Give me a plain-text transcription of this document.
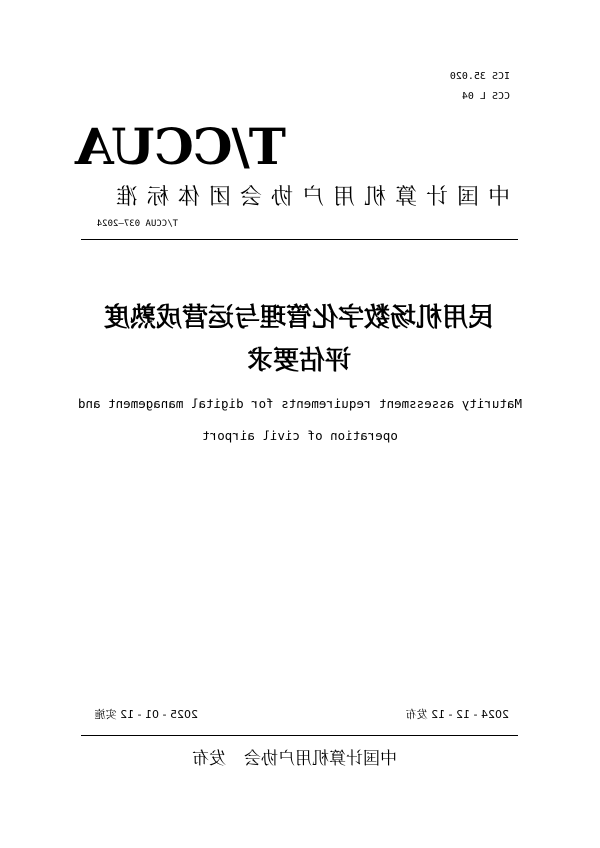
ICS 35.020
CCS L 04
T/CCUA
中国计算机用户协会团体标准
T/CCUA 037—2024
民用机场数字化管理与运营成熟度
评估要求
Maturity assessment requirements for digital management and
operation of civil airport
2024 - 12 - 12 发布
2025 - 01 - 12 实施
中国计算机用户协会发布
